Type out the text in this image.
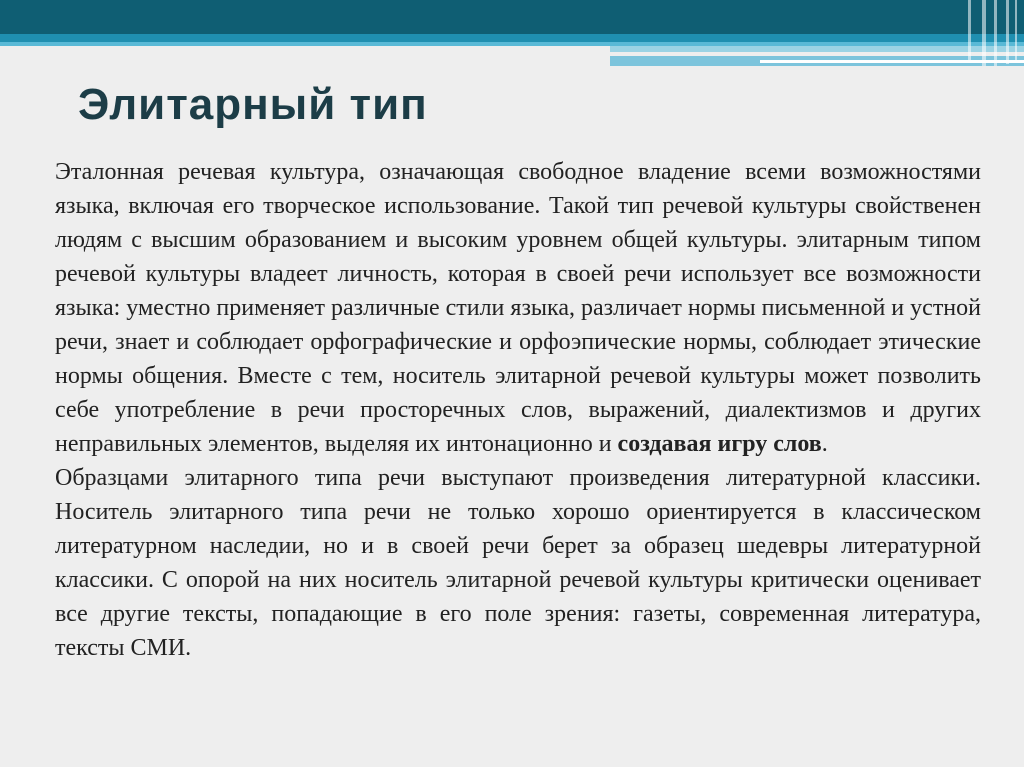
Элитарный тип

Эталонная речевая культура, означающая свободное владение всеми возможностями языка, включая его творческое использование. Такой тип речевой культуры свойственен людям с высшим образованием и высоким уровнем общей культуры. элитарным типом речевой культуры владеет личность, которая в своей речи использует все возможности языка: уместно применяет различные стили языка, различает нормы письменной и устной речи, знает и соблюдает орфографические и орфоэпические нормы, соблюдает этические нормы общения. Вместе с тем, носитель элитарной речевой культуры может позволить себе употребление в речи просторечных слов, выражений, диалектизмов и других неправильных элементов, выделяя их интонационно и создавая игру слов.

Образцами элитарного типа речи выступают произведения литературной классики. Носитель элитарного типа речи не только хорошо ориентируется в классическом литературном наследии, но и в своей речи берет за образец шедевры литературной классики. С опорой на них носитель элитарной речевой культуры критически оценивает все другие тексты, попадающие в его поле зрения: газеты, современная литература, тексты СМИ.
